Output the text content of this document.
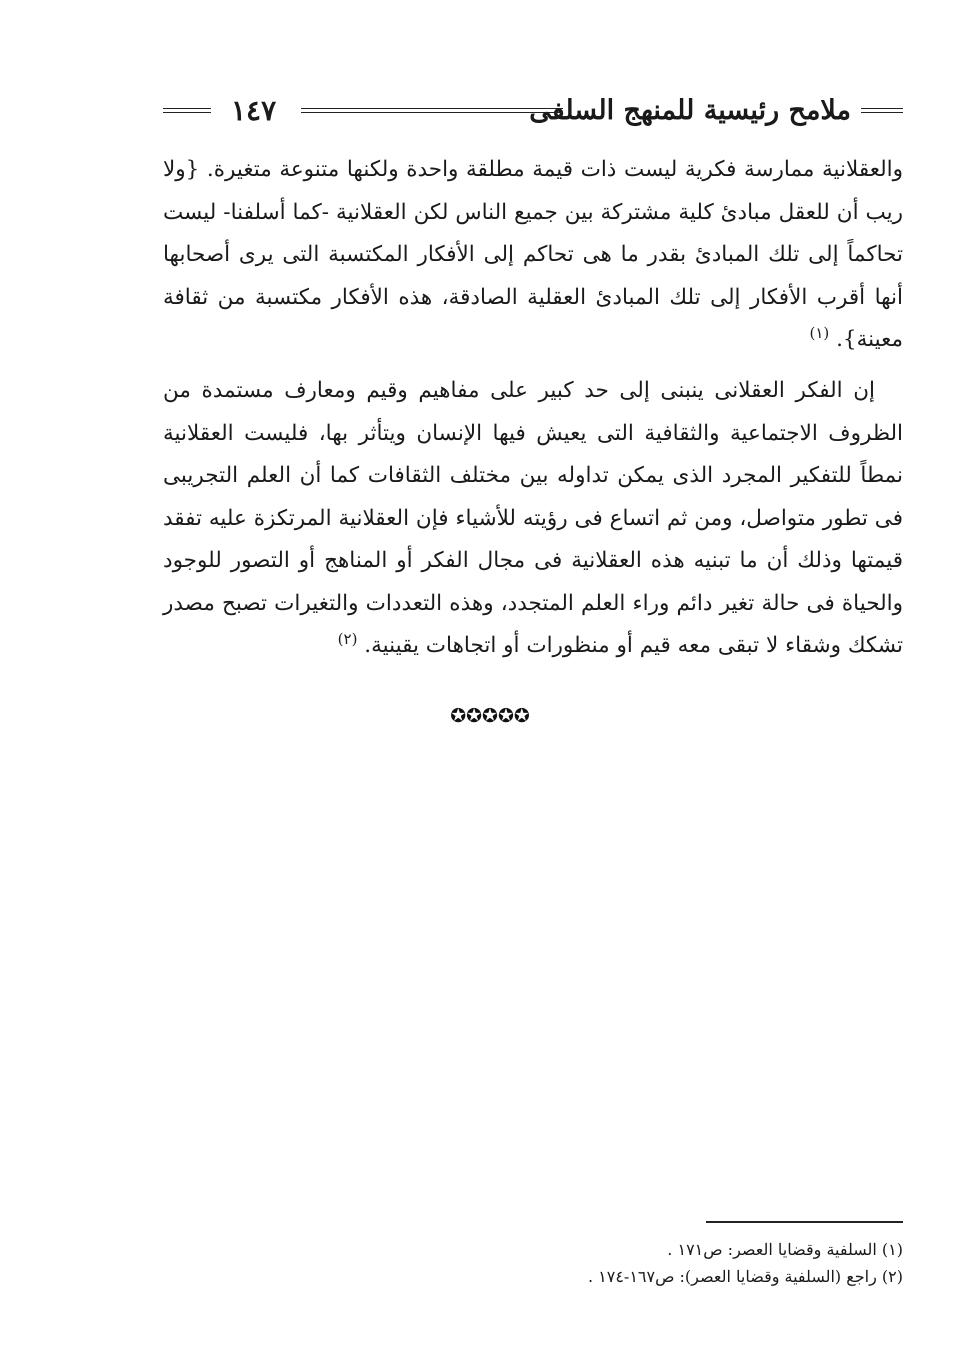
ملامح رئيسية للمنهج السلفى
١٤٧
والعقلانية ممارسة فكرية ليست ذات قيمة مطلقة واحدة ولكنها متنوعة متغيرة. {ولا ريب أن للعقل مبادئ كلية مشتركة بين جميع الناس لكن العقلانية -كما أسلفنا- ليست تحاكماً إلى تلك المبادئ بقدر ما هى تحاكم إلى الأفكار المكتسبة التى يرى أصحابها أنها أقرب الأفكار إلى تلك المبادئ العقلية الصادقة، هذه الأفكار مكتسبة من ثقافة معينة}. $^{(١)}$
إن الفكر العقلانى ينبنى إلى حد كبير على مفاهيم وقيم ومعارف مستمدة من الظروف الاجتماعية والثقافية التى يعيش فيها الإنسان ويتأثر بها، فليست العقلانية نمطاً للتفكير المجرد الذى يمكن تداوله بين مختلف الثقافات كما أن العلم التجريبى فى تطور متواصل، ومن ثم اتساع فى رؤيته للأشياء فإن العقلانية المرتكزة عليه تفقد قيمتها وذلك أن ما تبنيه هذه العقلانية فى مجال الفكر أو المناهج أو التصور للوجود والحياة فى حالة تغير دائم وراء العلم المتجدد، وهذه التعددات والتغيرات تصبح مصدر تشكك وشقاء لا تبقى معه قيم أو منظورات أو اتجاهات يقينية. $^{(٢)}$
✪✪✪✪✪
(١) السلفية وقضايا العصر: ص١٧١ .
(٢) راجع (السلفية وقضايا العصر): ص١٦٧-١٧٤ .
